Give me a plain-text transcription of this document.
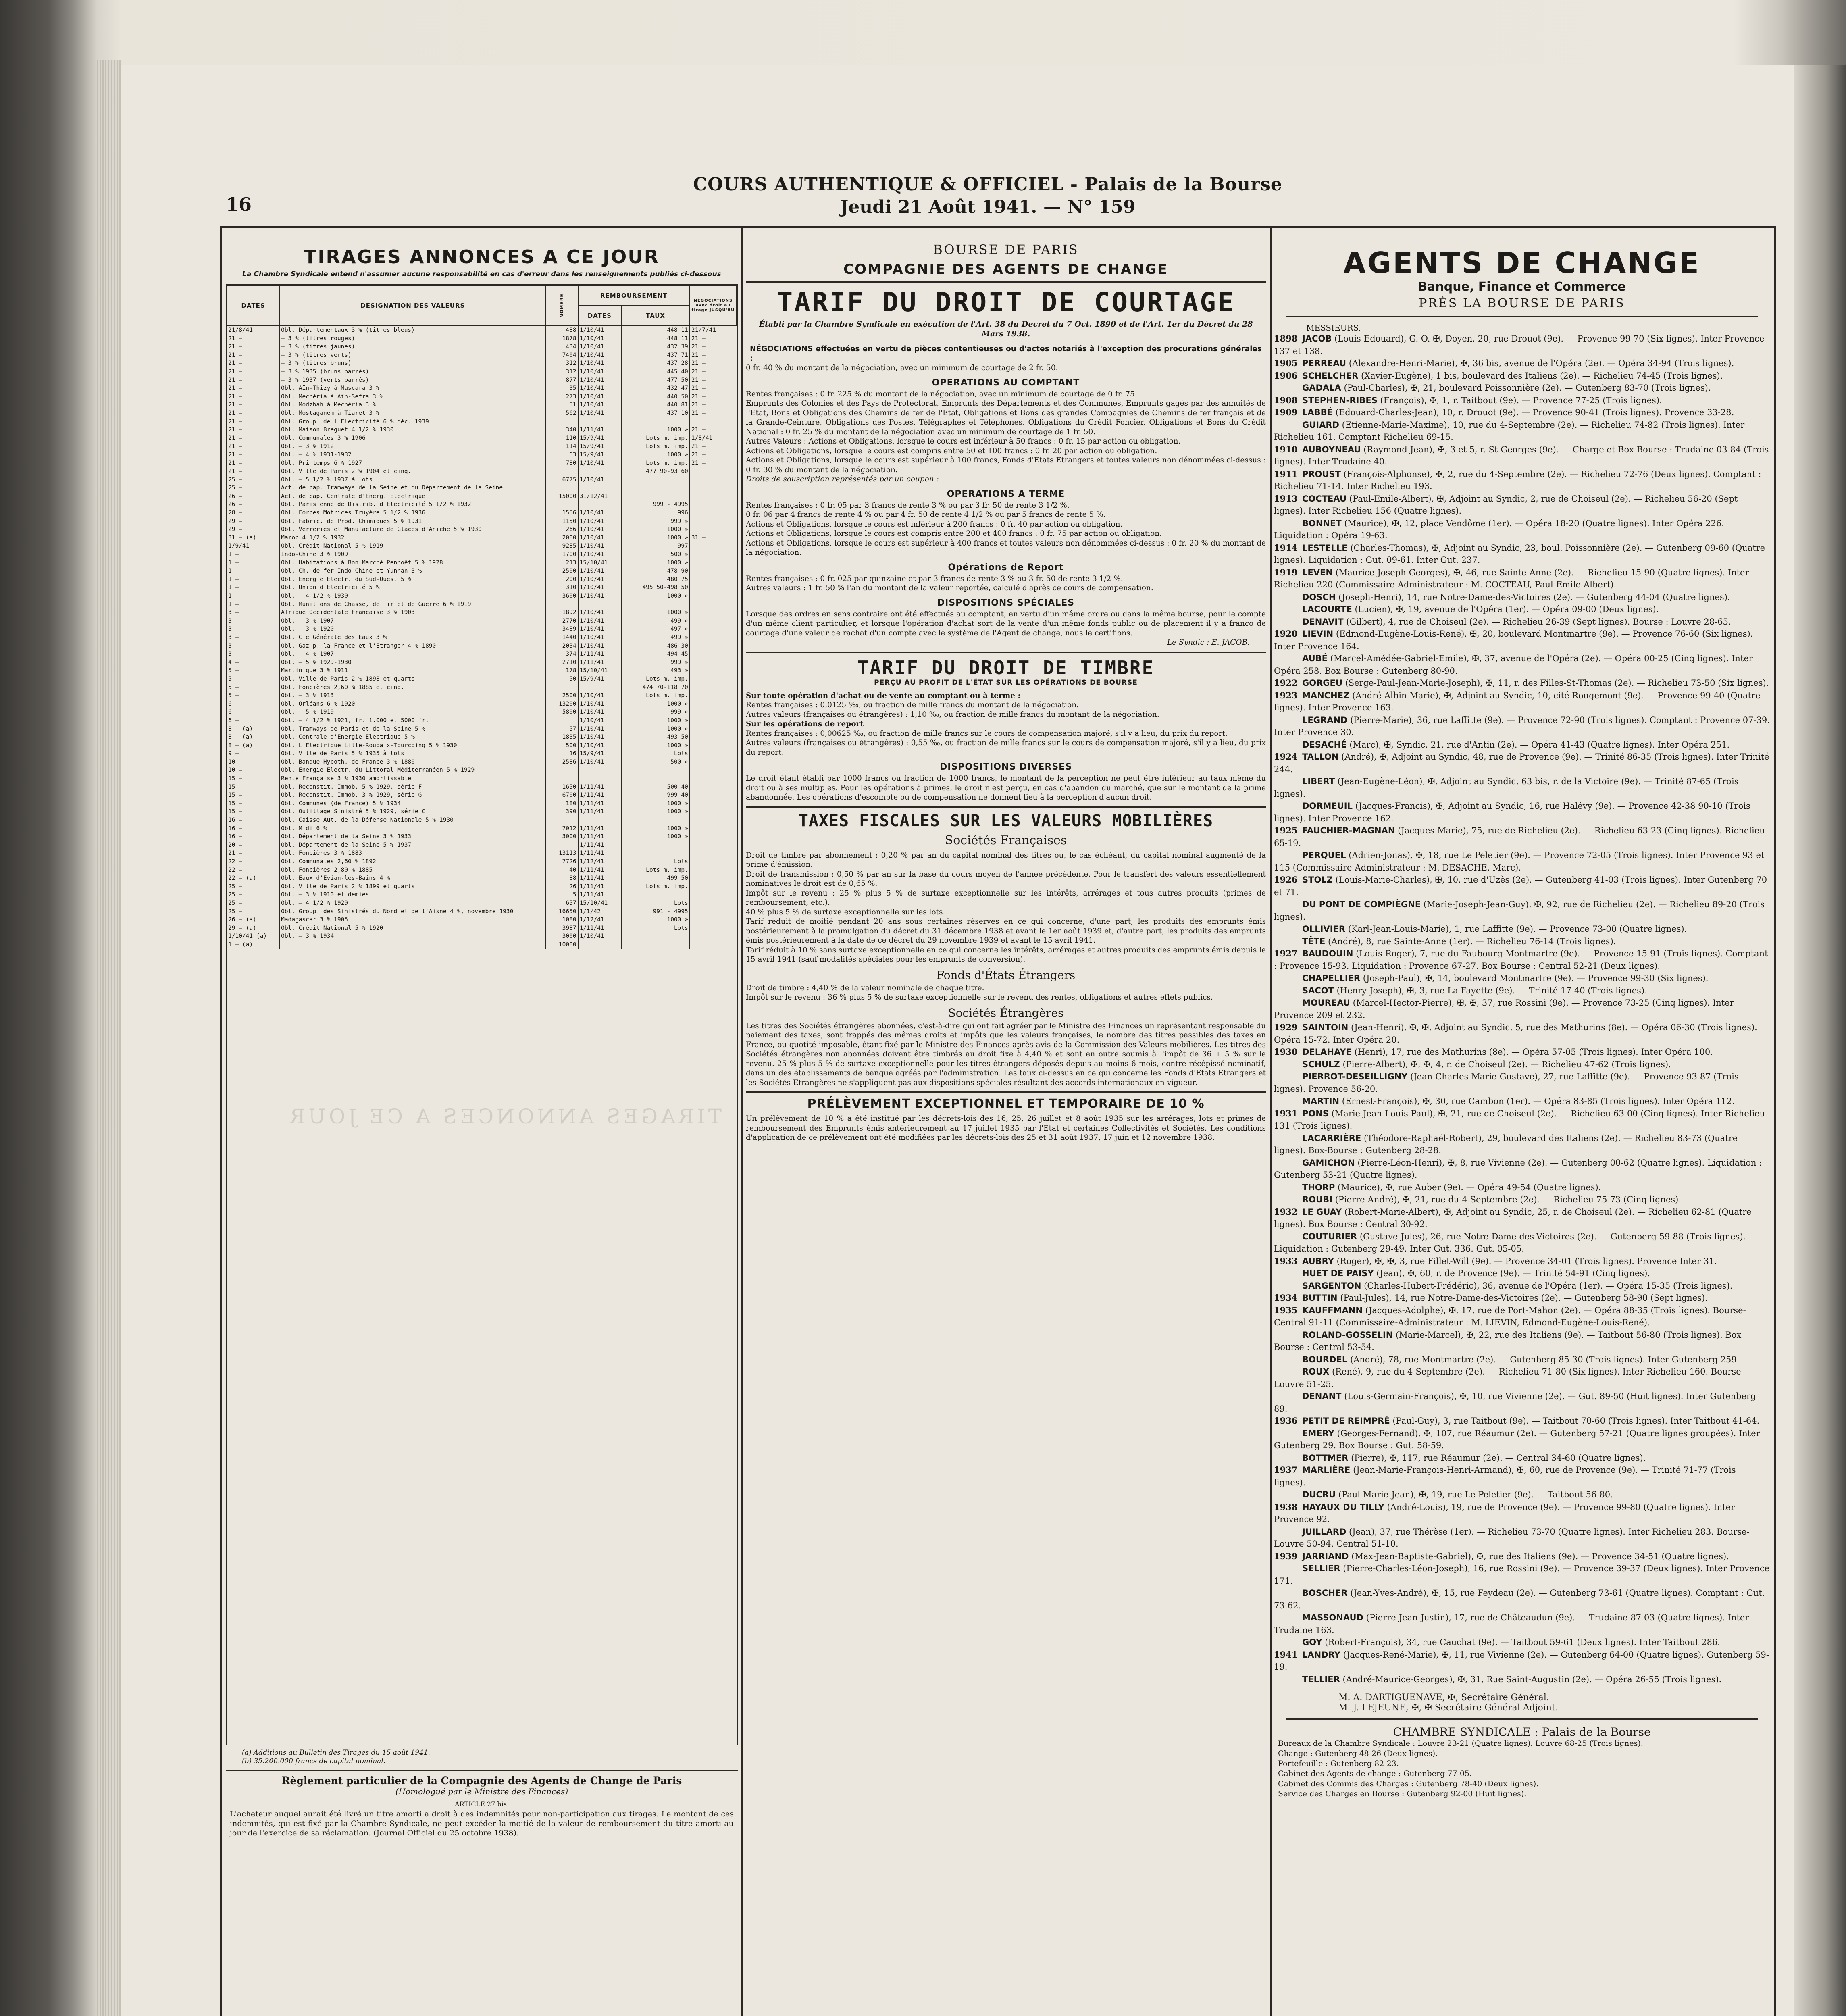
16
COURS AUTHENTIQUE & OFFICIEL - Palais de la Bourse
Jeudi 21 Août 1941. — N° 159
TIRAGES ANNONCES A CE JOUR
La Chambre Syndicale entend n'assumer aucune responsabilité en cas d'erreur dans les renseignements publiés ci-dessous
DATES	DÉSIGNATION DES VALEURS	NOMBRE	REMBOURSEMENT		NÉGOCIATIONS avec droit au tirage JUSQU'AU
			DATES	TAUX	
21/8/41	Obl. Départementaux 3 % (titres bleus)	488	1/10/41	448 11	21/7/41
21 —	— 3 % (titres rouges)	1878	1/10/41	448 11	21 —
21 —	— 3 % (titres jaunes)	434	1/10/41	432 39	21 —
21 —	— 3 % (titres verts)	7404	1/10/41	437 71	21 —
21 —	— 3 % (titres bruns)	312	1/10/41	437 28	21 —
21 —	— 3 % 1935 (bruns barrés)	312	1/10/41	445 40	21 —
21 —	— 3 % 1937 (verts barrés)	877	1/10/41	477 50	21 —
21 —	Obl. Aïn-Thizy à Mascara 3 %	35	1/10/41	432 47	21 —
21 —	Obl. Mechéria à Aïn-Sefra 3 %	273	1/10/41	440 50	21 —
21 —	Obl. Modzbah à Mechéria 3 %	51	1/10/41	440 81	21 —
21 —	Obl. Mostaganem à Tiaret 3 %	562	1/10/41	437 10	21 —
21 —	Obl. Group. de l'Electricité 6 % déc. 1939				
21 —	Obl. Maison Breguet 4 1/2 % 1930	340	1/11/41	1000 »	21 —
21 —	Obl. Communales 3 % 1906	110	15/9/41	Lots m. imp.	1/8/41
21 —	Obl. — 3 % 1912	114	15/9/41	Lots m. imp.	21 —
21 —	Obl. — 4 % 1931-1932	63	15/9/41	1000 »	21 —
21 —	Obl. Printemps 6 % 1927	780	1/10/41	Lots m. imp.	21 —
21 —	Obl. Ville de Paris 2 % 1904 et cinq.			477 90-93 60	
25 —	Obl. — 5 1/2 % 1937 à lots	6775	1/10/41		
25 —	Act. de cap. Tramways de la Seine et du Département de la Seine				
26 —	Act. de cap. Centrale d'Energ. Electrique	15000	31/12/41		
26 —	Obl. Parisienne de Distrib. d'Electricité 5 1/2 % 1932			999 - 4995	
28 —	Obl. Forces Motrices Truyère 5 1/2 % 1936	1556	1/10/41	996	
29 —	Obl. Fabric. de Prod. Chimiques 5 % 1931	1150	1/10/41	999 »	
29 —	Obl. Verreries et Manufacture de Glaces d'Aniche 5 % 1930	266	1/10/41	1000 »	
31 — (a)	Maroc 4 1/2 % 1932	2000	1/10/41	1000 »	31 —
1/9/41	Obl. Crédit National 5 % 1919	9285	1/10/41	997	
1 —	Indo-Chine 3 % 1909	1700	1/10/41	500 »	
1 —	Obl. Habitations à Bon Marché Penhoët 5 % 1928	213	15/10/41	1000 »	
1 —	Obl. Ch. de fer Indo-Chine et Yunnan 3 %	2500	1/10/41	478 90	
1 —	Obl. Energie Electr. du Sud-Ouest 5 %	200	1/10/41	480 75	
1 —	Obl. Union d'Electricité 5 %	310	1/10/41	495 50-498 50	
1 —	Obl. — 4 1/2 % 1930	3600	1/10/41	1000 »	
1 —	Obl. Munitions de Chasse, de Tir et de Guerre 6 % 1919				
3 —	Afrique Occidentale Française 3 % 1903	1892	1/10/41	1000 »	
3 —	Obl. — 3 % 1907	2770	1/10/41	499 »	
3 —	Obl. — 3 % 1920	3489	1/10/41	497 »	
3 —	Obl. Cie Générale des Eaux 3 %	1440	1/10/41	499 »	
3 —	Obl. Gaz p. la France et l'Etranger 4 % 1890	2034	1/10/41	486 30	
3 —	Obl. — 4 % 1907	374	1/11/41	494 45	
4 —	Obl. — 5 % 1929-1930	2710	1/11/41	999 »	
5 —	Martinique 3 % 1911	178	15/10/41	493 »	
5 —	Obl. Ville de Paris 2 % 1898 et quarts	50	15/9/41	Lots m. imp.	
5 —	Obl. Foncières 2,60 % 1885 et cinq.			474 70-118 70	
5 —	Obl. — 3 % 1913	2500	1/10/41	Lots m. imp.	
6 —	Obl. Orléans 6 % 1920	13200	1/10/41	1000 »	
6 —	Obl. — 5 % 1919	5800	1/10/41	999 »	
6 —	Obl. — 4 1/2 % 1921, fr. 1.000 et 5000 fr.		1/10/41	1000 »	
8 — (a)	Obl. Tramways de Paris et de la Seine 5 %	57	1/10/41	1000 »	
8 — (a)	Obl. Centrale d'Energie Electrique 5 %	1835	1/10/41	493 50	
8 — (a)	Obl. L'Electrique Lille-Roubaix-Tourcoing 5 % 1930	500	1/10/41	1000 »	
9 —	Obl. Ville de Paris 5 % 1935 à lots	16	15/9/41	Lots	
10 —	Obl. Banque Hypoth. de France 3 % 1880	2586	1/10/41	500 »	
10 —	Obl. Energie Electr. du Littoral Méditerranéen 5 % 1929				
15 —	Rente Française 3 % 1930 amortissable				
15 —	Obl. Reconstit. Immob. 5 % 1929, série F	1650	1/11/41	500 40	
15 —	Obl. Reconstit. Immob. 3 % 1929, série G	6700	1/11/41	999 40	
15 —	Obl. Communes (de France) 5 % 1934	180	1/11/41	1000 »	
15 —	Obl. Outillage Sinistré 5 % 1929, série C	390	1/11/41	1000 »	
16 —	Obl. Caisse Aut. de la Défense Nationale 5 % 1930				
16 —	Obl. Midi 6 %	7012	1/11/41	1000 »	
16 —	Obl. Département de la Seine 3 % 1933	3000	1/11/41	1000 »	
20 —	Obl. Département de la Seine 5 % 1937		1/11/41		
21 —	Obl. Foncières 3 % 1883	13113	1/11/41		
22 —	Obl. Communales 2,60 % 1892	7726	1/12/41	Lots	
22 —	Obl. Foncières 2,80 % 1885	40	1/11/41	Lots m. imp.	
22 — (a)	Obl. Eaux d'Evian-les-Bains 4 %	88	1/11/41	499 50	
25 —	Obl. Ville de Paris 2 % 1899 et quarts	26	1/11/41	Lots m. imp.	
25 —	Obl. — 3 % 1910 et demies	5	1/11/41		
25 —	Obl. — 4 1/2 % 1929	657	15/10/41	Lots	
25 —	Obl. Group. des Sinistrés du Nord et de l'Aisne 4 %, novembre 1930	16650	1/1/42	991 - 4995	
26 — (a)	Madagascar 3 % 1905	1080	1/12/41	1000 »	
29 — (a)	Obl. Crédit National 5 % 1920	3987	1/11/41	Lots	
1/10/41 (a)	Obl. — 3 % 1934	3000	1/10/41		
1 — (a)		10000			
(a) Additions au Bulletin des Tirages du 15 août 1941.
(b) 35.200.000 francs de capital nominal.
Règlement particulier de la Compagnie des Agents de Change de Paris
(Homologué par le Ministre des Finances)
ARTICLE 27 bis.

L'acheteur auquel aurait été livré un titre amorti a droit à des indemnités pour non-participation aux tirages. Le montant de ces indemnités, qui est fixé par la Chambre Syndicale, ne peut excéder la moitié de la valeur de remboursement du titre amorti au jour de l'exercice de sa réclamation. (Journal Officiel du 25 octobre 1938).

BOURSE DE PARIS
COMPAGNIE DES AGENTS DE CHANGE
TARIF DU DROIT DE COURTAGE
Établi par la Chambre Syndicale en exécution de l'Art. 38 du Decret du 7 Oct. 1890 et de l'Art. 1er du Décret du 28 Mars 1938.

NÉGOCIATIONS effectuées en vertu de pièces contentieuses ou d'actes notariés à l'exception des procurations générales :

0 fr. 40 % du montant de la négociation, avec un minimum de courtage de 2 fr. 50.

OPERATIONS AU COMPTANT

Rentes françaises : 0 fr. 225 % du montant de la négociation, avec un minimum de courtage de 0 fr. 75.

Emprunts des Colonies et des Pays de Protectorat, Emprunts des Départements et des Communes, Emprunts gagés par des annuités de l'Etat, Bons et Obligations des Chemins de fer de l'Etat, Obligations et Bons des grandes Compagnies de Chemins de fer français et de la Grande-Ceinture, Obligations des Postes, Télégraphes et Téléphones, Obligations du Crédit Foncier, Obligations et Bons du Crédit National : 0 fr. 25 % du montant de la négociation avec un minimum de courtage de 1 fr. 50.

Autres Valeurs : Actions et Obligations, lorsque le cours est inférieur à 50 francs : 0 fr. 15 par action ou obligation.

Actions et Obligations, lorsque le cours est compris entre 50 et 100 francs : 0 fr. 20 par action ou obligation.

Actions et Obligations, lorsque le cours est supérieur à 100 francs, Fonds d'Etats Etrangers et toutes valeurs non dénommées ci-dessus : 0 fr. 30 % du montant de la négociation.

Droits de souscription représentés par un coupon :

OPERATIONS A TERME

Rentes françaises : 0 fr. 05 par 3 francs de rente 3 % ou par 3 fr. 50 de rente 3 1/2 %.

0 fr. 06 par 4 francs de rente 4 % ou par 4 fr. 50 de rente 4 1/2 % ou par 5 francs de rente 5 %.

Actions et Obligations, lorsque le cours est inférieur à 200 francs : 0 fr. 40 par action ou obligation.

Actions et Obligations, lorsque le cours est compris entre 200 et 400 francs : 0 fr. 75 par action ou obligation.

Actions et Obligations, lorsque le cours est supérieur à 400 francs et toutes valeurs non dénommées ci-dessus : 0 fr. 20 % du montant de la négociation.

Opérations de Report

Rentes françaises : 0 fr. 025 par quinzaine et par 3 francs de rente 3 % ou 3 fr. 50 de rente 3 1/2 %.

Autres valeurs : 1 fr. 50 % l'an du montant de la valeur reportée, calculé d'après ce cours de compensation.

DISPOSITIONS SPÉCIALES

Lorsque des ordres en sens contraire ont été effectués au comptant, en vertu d'un même ordre ou dans la même bourse, pour le compte d'un même client particulier, et lorsque l'opération d'achat sort de la vente d'un même fonds public ou de placement il y a franco de courtage d'une valeur de rachat d'un compte avec le système de l'Agent de change, nous le certifions.

Le Syndic : E. JACOB.

TARIF DU DROIT DE TIMBRE
PERÇU AU PROFIT DE L'ÉTAT SUR LES OPÉRATIONS DE BOURSE

Sur toute opération d'achat ou de vente au comptant ou à terme :

Rentes françaises : 0,0125 ‰, ou fraction de mille francs du montant de la négociation.

Autres valeurs (françaises ou étrangères) : 1,10 ‰, ou fraction de mille francs du montant de la négociation.

Sur les opérations de report

Rentes françaises : 0,00625 ‰, ou fraction de mille francs sur le cours de compensation majoré, s'il y a lieu, du prix du report.

Autres valeurs (françaises ou étrangères) : 0,55 ‰, ou fraction de mille francs sur le cours de compensation majoré, s'il y a lieu, du prix du report.

DISPOSITIONS DIVERSES

Le droit étant établi par 1000 francs ou fraction de 1000 francs, le montant de la perception ne peut être inférieur au taux même du droit ou à ses multiples. Pour les opérations à primes, le droit n'est perçu, en cas d'abandon du marché, que sur le montant de la prime abandonnée. Les opérations d'escompte ou de compensation ne donnent lieu à la perception d'aucun droit.

TAXES FISCALES SUR LES VALEURS MOBILIÈRES
Sociétés Françaises

Droit de timbre par abonnement : 0,20 % par an du capital nominal des titres ou, le cas échéant, du capital nominal augmenté de la prime d'émission.

Droit de transmission : 0,50 % par an sur la base du cours moyen de l'année précédente. Pour le transfert des valeurs essentiellement nominatives le droit est de 0,65 %.

Impôt sur le revenu : 25 % plus 5 % de surtaxe exceptionnelle sur les intérêts, arrérages et tous autres produits (primes de remboursement, etc.).

40 % plus 5 % de surtaxe exceptionnelle sur les lots.

Tarif réduit de moitié pendant 20 ans sous certaines réserves en ce qui concerne, d'une part, les produits des emprunts émis postérieurement à la promulgation du décret du 31 décembre 1938 et avant le 1er août 1939 et, d'autre part, les produits des emprunts émis postérieurement à la date de ce décret du 29 novembre 1939 et avant le 15 avril 1941.

Tarif réduit à 10 % sans surtaxe exceptionnelle en ce qui concerne les intérêts, arrérages et autres produits des emprunts émis depuis le 15 avril 1941 (sauf modalités spéciales pour les emprunts de conversion).

Fonds d'États Étrangers

Droit de timbre : 4,40 % de la valeur nominale de chaque titre.

Impôt sur le revenu : 36 % plus 5 % de surtaxe exceptionnelle sur le revenu des rentes, obligations et autres effets publics.

Sociétés Étrangères

Les titres des Sociétés étrangères abonnées, c'est-à-dire qui ont fait agréer par le Ministre des Finances un représentant responsable du paiement des taxes, sont frappés des mêmes droits et impôts que les valeurs françaises, le nombre des titres passibles des taxes en France, ou quotité imposable, étant fixé par le Ministre des Finances après avis de la Commission des Valeurs mobilières. Les titres des Sociétés étrangères non abonnées doivent être timbrés au droit fixe à 4,40 % et sont en outre soumis à l'impôt de 36 + 5 % sur le revenu. 25 % plus 5 % de surtaxe exceptionnelle pour les titres étrangers déposés depuis au moins 6 mois, contre récépissé nominatif, dans un des établissements de banque agréés par l'administration. Les taux ci-dessus en ce qui concerne les Fonds d'Etats Etrangers et les Sociétés Etrangères ne s'appliquent pas aux dispositions spéciales résultant des accords internationaux en vigueur.

PRÉLÈVEMENT EXCEPTIONNEL ET TEMPORAIRE DE 10 %

Un prélèvement de 10 % a été institué par les décrets-lois des 16, 25, 26 juillet et 8 août 1935 sur les arrérages, lots et primes de remboursement des Emprunts émis antérieurement au 17 juillet 1935 par l'Etat et certaines Collectivités et Sociétés. Les conditions d'application de ce prélèvement ont été modifiées par les décrets-lois des 25 et 31 août 1937, 17 juin et 12 novembre 1938.

AGENTS DE CHANGE
Banque, Finance et Commerce
PRÈS LA BOURSE DE PARIS
MESSIEURS,
1898 JACOB (Louis-Edouard), G. O. ✠, Doyen, 20, rue Drouot (9e). — Provence 99-70 (Six lignes). Inter Provence 137 et 138.
1905 PERREAU (Alexandre-Henri-Marie), ✠, 36 bis, avenue de l'Opéra (2e). — Opéra 34-94 (Trois lignes).
1906 SCHELCHER (Xavier-Eugène), 1 bis, boulevard des Italiens (2e). — Richelieu 74-45 (Trois lignes).
GADALA (Paul-Charles), ✠, 21, boulevard Poissonnière (2e). — Gutenberg 83-70 (Trois lignes).
1908 STEPHEN-RIBES (François), ✠, 1, r. Taitbout (9e). — Provence 77-25 (Trois lignes).
1909 LABBÉ (Edouard-Charles-Jean), 10, r. Drouot (9e). — Provence 90-41 (Trois lignes). Provence 33-28.
GUIARD (Etienne-Marie-Maxime), 10, rue du 4-Septembre (2e). — Richelieu 74-82 (Trois lignes). Inter Richelieu 161. Comptant Richelieu 69-15.
1910 AUBOYNEAU (Raymond-Jean), ✠, 3 et 5, r. St-Georges (9e). — Charge et Box-Bourse : Trudaine 03-84 (Trois lignes). Inter Trudaine 40.
1911 PROUST (François-Alphonse), ✠, 2, rue du 4-Septembre (2e). — Richelieu 72-76 (Deux lignes). Comptant : Richelieu 71-14. Inter Richelieu 193.
1913 COCTEAU (Paul-Emile-Albert), ✠, Adjoint au Syndic, 2, rue de Choiseul (2e). — Richelieu 56-20 (Sept lignes). Inter Richelieu 156 (Quatre lignes).
BONNET (Maurice), ✠, 12, place Vendôme (1er). — Opéra 18-20 (Quatre lignes). Inter Opéra 226. Liquidation : Opéra 19-63.
1914 LESTELLE (Charles-Thomas), ✠, Adjoint au Syndic, 23, boul. Poissonnière (2e). — Gutenberg 09-60 (Quatre lignes). Liquidation : Gut. 09-61. Inter Gut. 237.
1919 LEVEN (Maurice-Joseph-Georges), ✠, 46, rue Sainte-Anne (2e). — Richelieu 15-90 (Quatre lignes). Inter Richelieu 220 (Commissaire-Administrateur : M. COCTEAU, Paul-Emile-Albert).
DOSCH (Joseph-Henri), 14, rue Notre-Dame-des-Victoires (2e). — Gutenberg 44-04 (Quatre lignes).
LACOURTE (Lucien), ✠, 19, avenue de l'Opéra (1er). — Opéra 09-00 (Deux lignes).
DENAVIT (Gilbert), 4, rue de Choiseul (2e). — Richelieu 26-39 (Sept lignes). Bourse : Louvre 28-65.
1920 LIEVIN (Edmond-Eugène-Louis-René), ✠, 20, boulevard Montmartre (9e). — Provence 76-60 (Six lignes). Inter Provence 164.
AUBÉ (Marcel-Amédée-Gabriel-Emile), ✠, 37, avenue de l'Opéra (2e). — Opéra 00-25 (Cinq lignes). Inter Opéra 258. Box Bourse : Gutenberg 80-90.
1922 GORGEU (Serge-Paul-Jean-Marie-Joseph), ✠, 11, r. des Filles-St-Thomas (2e). — Richelieu 73-50 (Six lignes).
1923 MANCHEZ (André-Albin-Marie), ✠, Adjoint au Syndic, 10, cité Rougemont (9e). — Provence 99-40 (Quatre lignes). Inter Provence 163.
LEGRAND (Pierre-Marie), 36, rue Laffitte (9e). — Provence 72-90 (Trois lignes). Comptant : Provence 07-39. Inter Provence 30.
DESACHÉ (Marc), ✠, Syndic, 21, rue d'Antin (2e). — Opéra 41-43 (Quatre lignes). Inter Opéra 251.
1924 TALLON (André), ✠, Adjoint au Syndic, 48, rue de Provence (9e). — Trinité 86-35 (Trois lignes). Inter Trinité 244.
LIBERT (Jean-Eugène-Léon), ✠, Adjoint au Syndic, 63 bis, r. de la Victoire (9e). — Trinité 87-65 (Trois lignes).
DORMEUIL (Jacques-Francis), ✠, Adjoint au Syndic, 16, rue Halévy (9e). — Provence 42-38 90-10 (Trois lignes). Inter Provence 162.
1925 FAUCHIER-MAGNAN (Jacques-Marie), 75, rue de Richelieu (2e). — Richelieu 63-23 (Cinq lignes). Richelieu 65-19.
PERQUEL (Adrien-Jonas), ✠, 18, rue Le Peletier (9e). — Provence 72-05 (Trois lignes). Inter Provence 93 et 115 (Commissaire-Administrateur : M. DESACHE, Marc).
1926 STOLZ (Louis-Marie-Charles), ✠, 10, rue d'Uzès (2e). — Gutenberg 41-03 (Trois lignes). Inter Gutenberg 70 et 71.
DU PONT DE COMPIÈGNE (Marie-Joseph-Jean-Guy), ✠, 92, rue de Richelieu (2e). — Richelieu 89-20 (Trois lignes).
OLLIVIER (Karl-Jean-Louis-Marie), 1, rue Laffitte (9e). — Provence 73-00 (Quatre lignes).
TÊTE (André), 8, rue Sainte-Anne (1er). — Richelieu 76-14 (Trois lignes).
1927 BAUDOUIN (Louis-Roger), 7, rue du Faubourg-Montmartre (9e). — Provence 15-91 (Trois lignes). Comptant : Provence 15-93. Liquidation : Provence 67-27. Box Bourse : Central 52-21 (Deux lignes).
CHAPELLIER (Joseph-Paul), ✠, 14, boulevard Montmartre (9e). — Provence 99-30 (Six lignes).
SACOT (Henry-Joseph), ✠, 3, rue La Fayette (9e). — Trinité 17-40 (Trois lignes).
MOUREAU (Marcel-Hector-Pierre), ✠, ✠, 37, rue Rossini (9e). — Provence 73-25 (Cinq lignes). Inter Provence 209 et 232.
1929 SAINTOIN (Jean-Henri), ✠, ✠, Adjoint au Syndic, 5, rue des Mathurins (8e). — Opéra 06-30 (Trois lignes). Opéra 15-72. Inter Opéra 20.
1930 DELAHAYE (Henri), 17, rue des Mathurins (8e). — Opéra 57-05 (Trois lignes). Inter Opéra 100.
SCHULZ (Pierre-Albert), ✠, ✠, 4, r. de Choiseul (2e). — Richelieu 47-62 (Trois lignes).
PIERROT-DESEILLIGNY (Jean-Charles-Marie-Gustave), 27, rue Laffitte (9e). — Provence 93-87 (Trois lignes). Provence 56-20.
MARTIN (Ernest-François), ✠, 30, rue Cambon (1er). — Opéra 83-85 (Trois lignes). Inter Opéra 112.
1931 PONS (Marie-Jean-Louis-Paul), ✠, 21, rue de Choiseul (2e). — Richelieu 63-00 (Cinq lignes). Inter Richelieu 131 (Trois lignes).
LACARRIÈRE (Théodore-Raphaël-Robert), 29, boulevard des Italiens (2e). — Richelieu 83-73 (Quatre lignes). Box-Bourse : Gutenberg 28-28.
GAMICHON (Pierre-Léon-Henri), ✠, 8, rue Vivienne (2e). — Gutenberg 00-62 (Quatre lignes). Liquidation : Gutenberg 53-21 (Quatre lignes).
THORP (Maurice), ✠, rue Auber (9e). — Opéra 49-54 (Quatre lignes).
ROUBI (Pierre-André), ✠, 21, rue du 4-Septembre (2e). — Richelieu 75-73 (Cinq lignes).
1932 LE GUAY (Robert-Marie-Albert), ✠, Adjoint au Syndic, 25, r. de Choiseul (2e). — Richelieu 62-81 (Quatre lignes). Box Bourse : Central 30-92.
COUTURIER (Gustave-Jules), 26, rue Notre-Dame-des-Victoires (2e). — Gutenberg 59-88 (Trois lignes). Liquidation : Gutenberg 29-49. Inter Gut. 336. Gut. 05-05.
1933 AUBRY (Roger), ✠, ✠, 3, rue Fillet-Will (9e). — Provence 34-01 (Trois lignes). Provence Inter 31.
HUET DE PAISY (Jean), ✠, 60, r. de Provence (9e). — Trinité 54-91 (Cinq lignes).
SARGENTON (Charles-Hubert-Frédéric), 36, avenue de l'Opéra (1er). — Opéra 15-35 (Trois lignes).
1934 BUTTIN (Paul-Jules), 14, rue Notre-Dame-des-Victoires (2e). — Gutenberg 58-90 (Sept lignes).
1935 KAUFFMANN (Jacques-Adolphe), ✠, 17, rue de Port-Mahon (2e). — Opéra 88-35 (Trois lignes). Bourse-Central 91-11 (Commissaire-Administrateur : M. LIEVIN, Edmond-Eugène-Louis-René).
ROLAND-GOSSELIN (Marie-Marcel), ✠, 22, rue des Italiens (9e). — Taitbout 56-80 (Trois lignes). Box Bourse : Central 53-54.
BOURDEL (André), 78, rue Montmartre (2e). — Gutenberg 85-30 (Trois lignes). Inter Gutenberg 259.
ROUX (René), 9, rue du 4-Septembre (2e). — Richelieu 71-80 (Six lignes). Inter Richelieu 160. Bourse-Louvre 51-25.
DENANT (Louis-Germain-François), ✠, 10, rue Vivienne (2e). — Gut. 89-50 (Huit lignes). Inter Gutenberg 89.
1936 PETIT DE REIMPRÉ (Paul-Guy), 3, rue Taitbout (9e). — Taitbout 70-60 (Trois lignes). Inter Taitbout 41-64.
EMERY (Georges-Fernand), ✠, 107, rue Réaumur (2e). — Gutenberg 57-21 (Quatre lignes groupées). Inter Gutenberg 29. Box Bourse : Gut. 58-59.
BOTTMER (Pierre), ✠, 117, rue Réaumur (2e). — Central 34-60 (Quatre lignes).
1937 MARLIÈRE (Jean-Marie-François-Henri-Armand), ✠, 60, rue de Provence (9e). — Trinité 71-77 (Trois lignes).
DUCRU (Paul-Marie-Jean), ✠, 19, rue Le Peletier (9e). — Taitbout 56-80.
1938 HAYAUX DU TILLY (André-Louis), 19, rue de Provence (9e). — Provence 99-80 (Quatre lignes). Inter Provence 92.
JUILLARD (Jean), 37, rue Thérèse (1er). — Richelieu 73-70 (Quatre lignes). Inter Richelieu 283. Bourse-Louvre 50-94. Central 51-10.
1939 JARRIAND (Max-Jean-Baptiste-Gabriel), ✠, rue des Italiens (9e). — Provence 34-51 (Quatre lignes).
SELLIER (Pierre-Charles-Léon-Joseph), 16, rue Rossini (9e). — Provence 39-37 (Deux lignes). Inter Provence 171.
BOSCHER (Jean-Yves-André), ✠, 15, rue Feydeau (2e). — Gutenberg 73-61 (Quatre lignes). Comptant : Gut. 73-62.
MASSONAUD (Pierre-Jean-Justin), 17, rue de Châteaudun (9e). — Trudaine 87-03 (Quatre lignes). Inter Trudaine 163.
GOY (Robert-François), 34, rue Cauchat (9e). — Taitbout 59-61 (Deux lignes). Inter Taitbout 286.
1941 LANDRY (Jacques-René-Marie), ✠, 11, rue Vivienne (2e). — Gutenberg 64-00 (Quatre lignes). Gutenberg 59-19.
TELLIER (André-Maurice-Georges), ✠, 31, Rue Saint-Augustin (2e). — Opéra 26-55 (Trois lignes).
M. A. DARTIGUENAVE, ✠, Secrétaire Général.
M. J. LEJEUNE, ✠, ✠ Secrétaire Général Adjoint.
CHAMBRE SYNDICALE : Palais de la Bourse
Bureaux de la Chambre Syndicale : Louvre 23-21 (Quatre lignes). Louvre 68-25 (Trois lignes).
Change : Gutenberg 48-26 (Deux lignes).
Portefeuille : Gutenberg 82-23.
Cabinet des Agents de change : Gutenberg 77-05.
Cabinet des Commis des Charges : Gutenberg 78-40 (Deux lignes).
Service des Charges en Bourse : Gutenberg 92-00 (Huit lignes).
